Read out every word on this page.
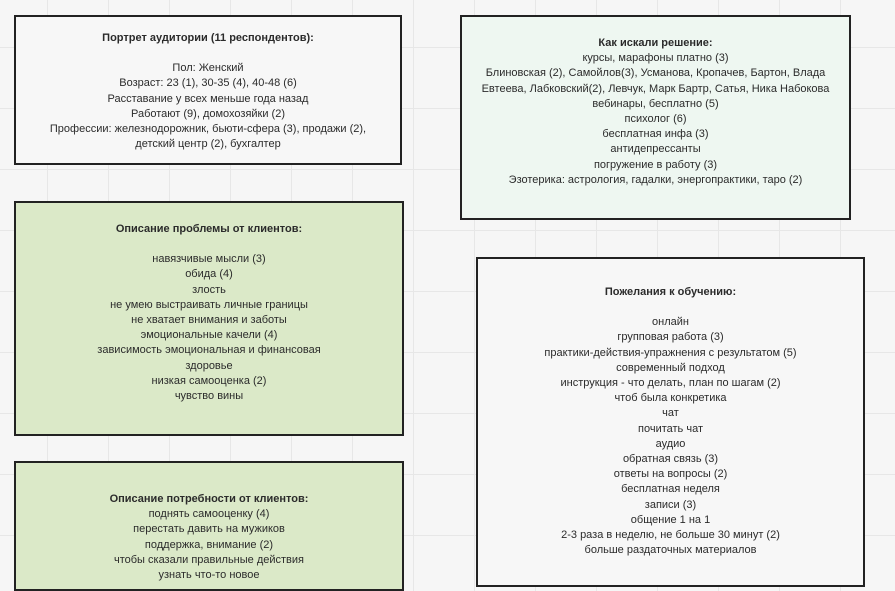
Портрет аудитории (11 респондентов):
Пол: Женский
Возраст: 23 (1), 30-35 (4), 40-48 (6)
Расставание у всех меньше года назад
Работают (9), домохозяйки (2)
Профессии: железнодорожник, бьюти-сфера (3), продажи (2),
детский центр (2), бухгалтер
Как искали решение:
курсы, марафоны платно (3)
Блиновская (2), Самойлов(3), Усманова, Кропачев, Бартон, Влада
Евтеева, Лабковский(2), Левчук, Марк Бартр, Сатья, Ника Набокова
вебинары, бесплатно (5)
психолог (6)
бесплатная инфа (3)
антидепрессанты
погружение в работу (3)
Эзотерика: астрология, гадалки, энергопрактики, таро (2)
Описание проблемы от клиентов:
навязчивые мысли (3)
обида (4)
злость
не умею выстраивать личные границы
не хватает внимания и заботы
эмоциональные качели (4)
зависимость эмоциональная и финансовая
здоровье
низкая самооценка (2)
чувство вины
Пожелания к обучению:
онлайн
групповая работа (3)
практики-действия-упражнения с результатом (5)
современный подход
инструкция - что делать, план по шагам (2)
чтоб была конкретика
чат
почитать чат
аудио
обратная связь (3)
ответы на вопросы (2)
бесплатная неделя
записи (3)
общение 1 на 1
2-3 раза в неделю, не больше 30 минут (2)
больше раздаточных материалов
Описание потребности от клиентов:
поднять самооценку (4)
перестать давить на мужиков
поддержка, внимание (2)
чтобы сказали правильные действия
узнать что-то новое
